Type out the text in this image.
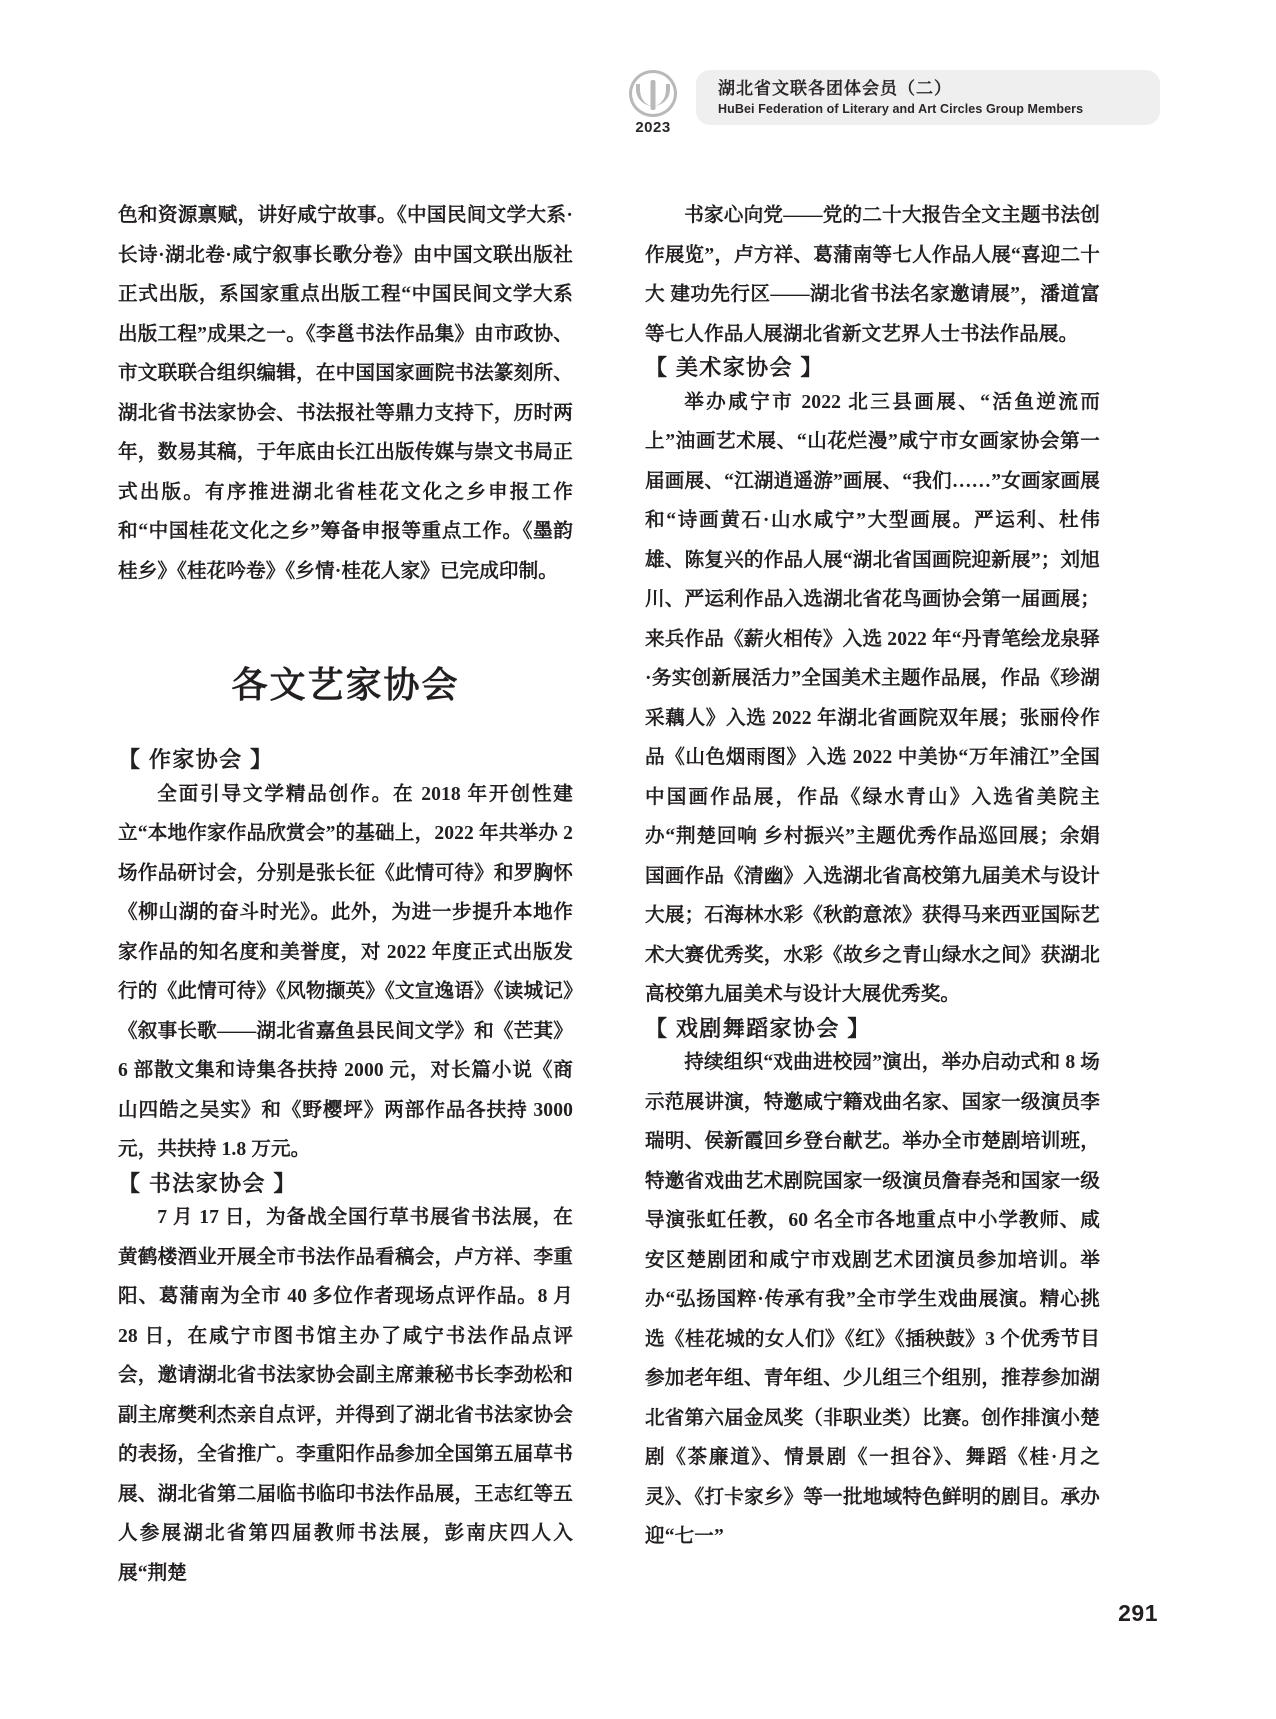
2023
湖北省文联各团体会员（二）
HuBei Federation of Literary and Art Circles Group Members

色和资源禀赋，讲好咸宁故事。《中国民间文学大系·长诗·湖北卷·咸宁叙事长歌分卷》由中国文联出版社正式出版，系国家重点出版工程“中国民间文学大系出版工程”成果之一。《李邕书法作品集》由市政协、市文联联合组织编辑，在中国国家画院书法篆刻所、湖北省书法家协会、书法报社等鼎力支持下，历时两年，数易其稿，于年底由长江出版传媒与崇文书局正式出版。有序推进湖北省桂花文化之乡申报工作和“中国桂花文化之乡”筹备申报等重点工作。《墨韵桂乡》《桂花吟卷》《乡情·桂花人家》已完成印制。

各文艺家协会
【 作家协会 】

全面引导文学精品创作。在 2018 年开创性建立“本地作家作品欣赏会”的基础上，2022 年共举办 2 场作品研讨会，分别是张长征《此情可待》和罗胸怀《柳山湖的奋斗时光》。此外，为进一步提升本地作家作品的知名度和美誉度，对 2022 年度正式出版发行的《此情可待》《风物撷英》《文宣逸语》《读城记》《叙事长歌——湖北省嘉鱼县民间文学》和《芒萁》6 部散文集和诗集各扶持 2000 元，对长篇小说《商山四皓之吴实》和《野樱坪》两部作品各扶持 3000 元，共扶持 1.8 万元。

【 书法家协会 】

7 月 17 日，为备战全国行草书展省书法展，在黄鹤楼酒业开展全市书法作品看稿会，卢方祥、李重阳、葛蒲南为全市 40 多位作者现场点评作品。8 月 28 日，在咸宁市图书馆主办了咸宁书法作品点评会，邀请湖北省书法家协会副主席兼秘书长李劲松和副主席樊利杰亲自点评，并得到了湖北省书法家协会的表扬，全省推广。李重阳作品参加全国第五届草书展、湖北省第二届临书临印书法作品展，王志红等五人参展湖北省第四届教师书法展，彭南庆四人入展“荆楚

书家心向党——党的二十大报告全文主题书法创作展览”，卢方祥、葛蒲南等七人作品人展“喜迎二十大 建功先行区——湖北省书法名家邀请展”，潘道富等七人作品人展湖北省新文艺界人士书法作品展。

【 美术家协会 】

举办咸宁市 2022 北三县画展、“活鱼逆流而上”油画艺术展、“山花烂漫”咸宁市女画家协会第一届画展、“江湖逍遥游”画展、“我们……”女画家画展和“诗画黄石·山水咸宁”大型画展。严运利、杜伟雄、陈复兴的作品人展“湖北省国画院迎新展”；刘旭川、严运利作品入选湖北省花鸟画协会第一届画展；来兵作品《薪火相传》入选 2022 年“丹青笔绘龙泉驿·务实创新展活力”全国美术主题作品展，作品《珍湖采藕人》入选 2022 年湖北省画院双年展；张丽伶作品《山色烟雨图》入选 2022 中美协“万年浦江”全国中国画作品展，作品《绿水青山》入选省美院主办“荆楚回响 乡村振兴”主题优秀作品巡回展；余娟国画作品《清幽》入选湖北省高校第九届美术与设计大展；石海林水彩《秋韵意浓》获得马来西亚国际艺术大赛优秀奖，水彩《故乡之青山绿水之间》获湖北高校第九届美术与设计大展优秀奖。

【 戏剧舞蹈家协会 】

持续组织“戏曲进校园”演出，举办启动式和 8 场示范展讲演，特邀咸宁籍戏曲名家、国家一级演员李瑞明、侯新霞回乡登台献艺。举办全市楚剧培训班，特邀省戏曲艺术剧院国家一级演员詹春尧和国家一级导演张虹任教，60 名全市各地重点中小学教师、咸安区楚剧团和咸宁市戏剧艺术团演员参加培训。举办“弘扬国粹·传承有我”全市学生戏曲展演。精心挑选《桂花城的女人们》《红》《插秧鼓》3 个优秀节目参加老年组、青年组、少儿组三个组别，推荐参加湖北省第六届金凤奖（非职业类）比赛。创作排演小楚剧《茶廉道》、情景剧《一担谷》、舞蹈《桂·月之灵》、《打卡家乡》等一批地域特色鲜明的剧目。承办迎“七一”

291
